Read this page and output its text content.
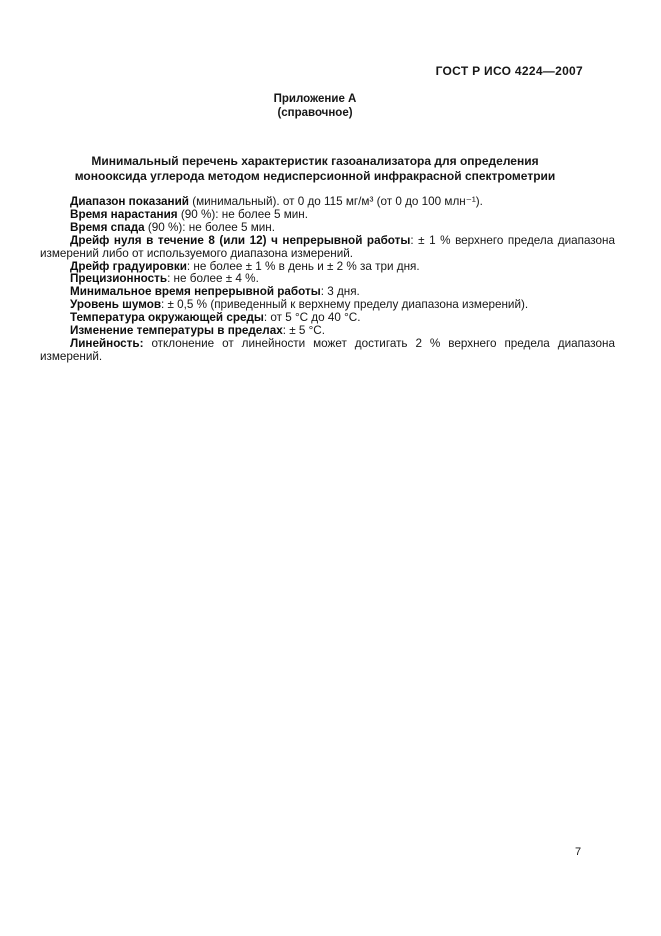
ГОСТ Р ИСО 4224—2007
Приложение А
(справочное)
Минимальный перечень характеристик газоанализатора для определения
монооксида углерода методом недисперсионной инфракрасной спектрометрии

Диапазон показаний (минимальный). от 0 до 115 мг/м³ (от 0 до 100 млн⁻¹).

Время нарастания (90 %): не более 5 мин.

Время спада (90 %): не более 5 мин.

Дрейф нуля в течение 8 (или 12) ч непрерывной работы: ± 1 % верхнего предела диапазона измерений либо от используемого диапазона измерений.

Дрейф градуировки: не более ± 1 % в день и ± 2 % за три дня.

Прецизионность: не более ± 4 %.

Минимальное время непрерывной работы: 3 дня.

Уровень шумов: ± 0,5 % (приведенный к верхнему пределу диапазона измерений).

Температура окружающей среды: от 5 °С до 40 °С.

Изменение температуры в пределах: ± 5 °С.

Линейность: отклонение от линейности может достигать 2 % верхнего предела диапазона измерений.

7
